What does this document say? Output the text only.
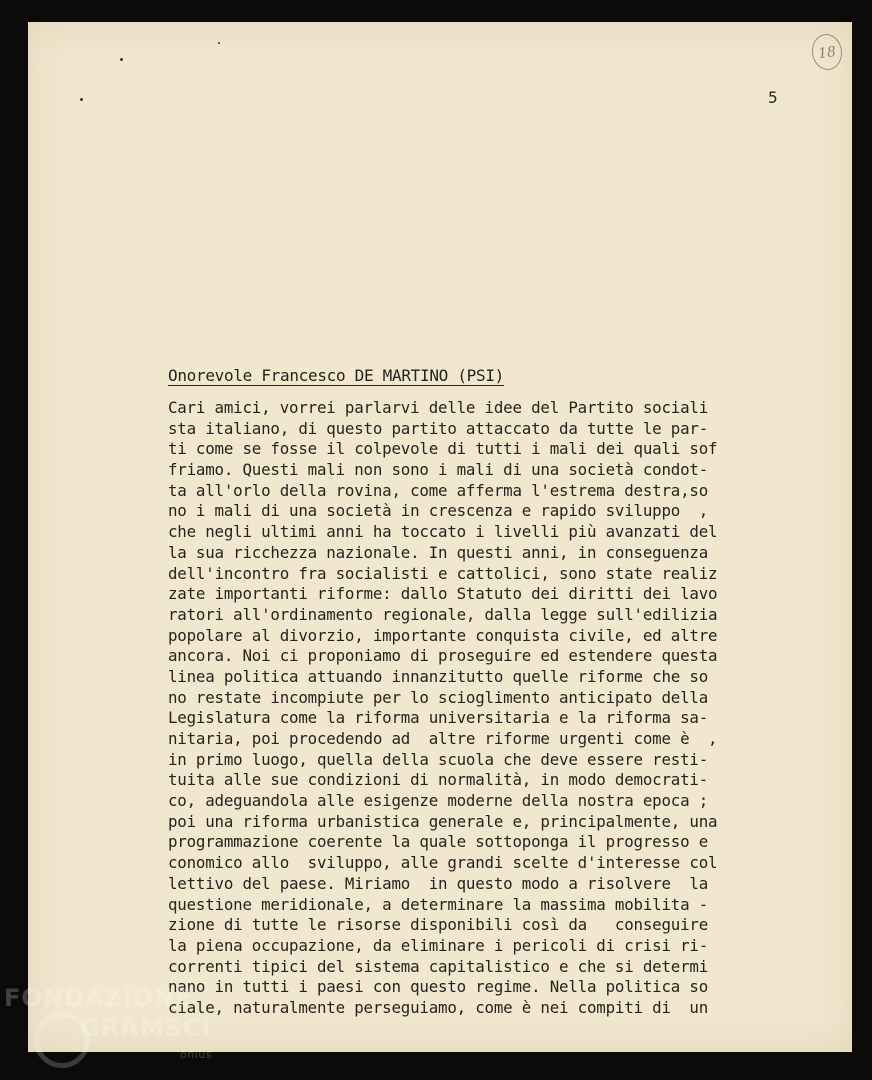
18
5
Onorevole Francesco DE MARTINO (PSI)
Cari amici, vorrei parlarvi delle idee del Partito sociali
sta italiano, di questo partito attaccato da tutte le par-
ti come se fosse il colpevole di tutti i mali dei quali sof
friamo. Questi mali non sono i mali di una società condot-
ta all'orlo della rovina, come afferma l'estrema destra,so
no i mali di una società in crescenza e rapido sviluppo  ,
che negli ultimi anni ha toccato i livelli più avanzati del
la sua ricchezza nazionale. In questi anni, in conseguenza
dell'incontro fra socialisti e cattolici, sono state realiz
zate importanti riforme: dallo Statuto dei diritti dei lavo
ratori all'ordinamento regionale, dalla legge sull'edilizia
popolare al divorzio, importante conquista civile, ed altre
ancora. Noi ci proponiamo di proseguire ed estendere questa
linea politica attuando innanzitutto quelle riforme che so
no restate incompiute per lo scioglimento anticipato della
Legislatura come la riforma universitaria e la riforma sa-
nitaria, poi procedendo ad  altre riforme urgenti come è  ,
in primo luogo, quella della scuola che deve essere resti-
tuita alle sue condizioni di normalità, in modo democrati-
co, adeguandola alle esigenze moderne della nostra epoca ;
poi una riforma urbanistica generale e, principalmente, una
programmazione coerente la quale sottoponga il progresso e
conomico allo  sviluppo, alle grandi scelte d'interesse col
lettivo del paese. Miriamo  in questo modo a risolvere  la
questione meridionale, a determinare la massima mobilita -
zione di tutte le risorse disponibili così da   conseguire
la piena occupazione, da eliminare i pericoli di crisi ri-
correnti tipici del sistema capitalistico e che si determi
nano in tutti i paesi con questo regime. Nella politica so
ciale, naturalmente perseguiamo, come è nei compiti di  un
FONDAZIONE
GRAMSCI
onlus
